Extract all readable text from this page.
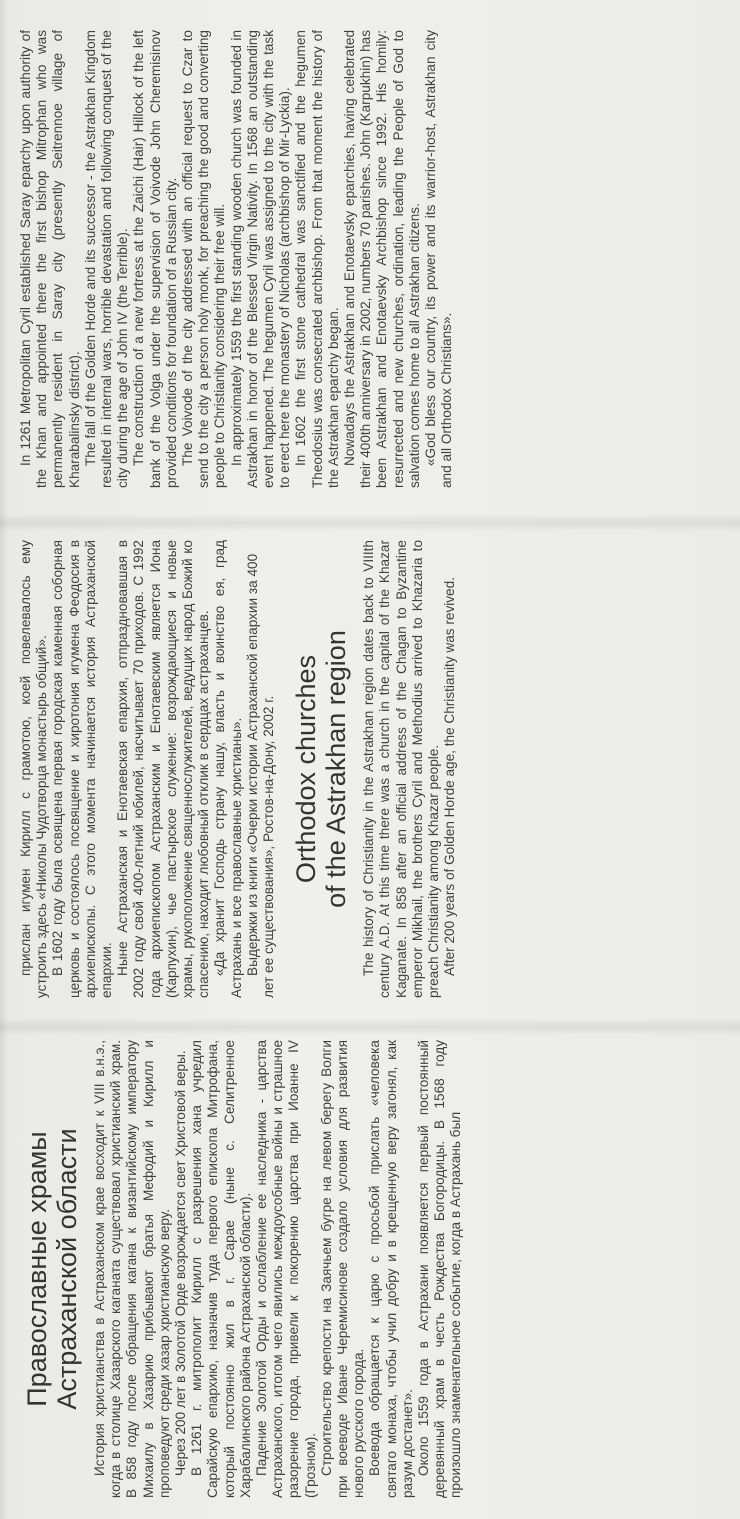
Православные храмы Астраханской области История христианства в Астраханском крае восходит к VIII в.н.э., когда в столице Хазарского каганата существовал христианский храм. В 858 году после обращения кагана к византийскому императору Михаилу в Хазарию прибывают братья Мефодий и Кирилл и проповедуют среди хазар христианскую веру. Через 200 лет в Золотой Орде возрождается свет Христовой веры. В 1261 г. митрополит Кирилл с разрешения хана учредил Сарайскую епархию, назначив туда первого епископа Митрофана, который постоянно жил в г. Сарае (ныне с. Селитренное Харабалинского района Астраханской области). Падение Золотой Орды и ослабление ее наследника - царства Астраханского, итогом чего явились междоусобные войны и страшное разорение города, привели к покорению царства при Иоанне IV (Грозном). Строительство крепости на Заячьем бугре на левом берегу Волги при воеводе Иване Черемисинове создало условия для развития нового русского города. Воевода обращается к царю с просьбой прислать «человека святаго монаха, чтобы учил добру и в крещенную веру загонял, как разум достанет». Около 1559 года в Астрахани появляется первый постоянный деревянный храм в честь Рождества Богородицы. В 1568 году произошло знаменательное событие, когда в Астрахань был

прислан игумен Кирилл с грамотою, коей повелевалось ему устроить здесь «Николы Чудотворца монастырь общий». В 1602 году была освящена первая городская каменная соборная церковь и состоялось посвящение и хиротония игумена Феодосия в архиепископы. С этого момента начинается история Астраханской епархии. Ныне Астраханская и Енотаевская епархия, отпраздновавшая в 2002 году свой 400-летний юбилей, насчитывает 70 приходов. С 1992 года архиепископом Астраханским и Енотаевским является Иона (Карпухин), чье пастырское служение: возрождающиеся и новые храмы, рукоположение священнослужителей, ведущих народ Божий ко спасению, находит любовный отклик в сердцах астраханцев. «Да хранит Господь страну нашу, власть и воинство ея, град Астрахань и все православные христианы». Выдержки из книги «Очерки истории Астраханской епархии за 400 лет ее существования», Ростов-на-Дону, 2002 г. Orthodox churches of the Astrakhan region The history of Christianity in the Astrakhan region dates back to VIIIth century A.D. At this time there was a church in the capital of the Khazar Kaganate. In 858 after an official address of the Chagan to Byzantine emperor Mikhail, the brothers Cyril and Methodius arrived to Khazaria to preach Christianity among Khazar people. After 200 years of Golden Horde age, the Christianity was revived.

In 1261 Metropolitan Cyril established Saray eparchy upon authority of the Khan and appointed there the first bishop Mitrophan who was permanently resident in Saray city (presently Seitrennoe village of Kharabalinsky district). The fall of the Golden Horde and its successor - the Astrakhan Kingdom resulted in internal wars, horrible devastation and following conquest of the city during the age of John IV (the Terrible). The construction of a new fortress at the Zaichi (Hair) Hillock of the left bank of the Volga under the supervision of Voivode John Cheremisinov provided conditions for foundation of a Russian city. The Voivode of the city addressed with an official request to Czar to send to the city a person holy monk, for preaching the good and converting people to Christianity considering their free will. In approximately 1559 the first standing wooden church was founded in Astrakhan in honor of the Blessed Virgin Nativity. In 1568 an outstanding event happened. The hegumen Cyril was assigned to the city with the task to erect here the monastery of Nicholas (archbishop of Mir-Lyckia). In 1602 the first stone cathedral was sanctified and the hegumen Theodosius was consecrated archbishop. From that moment the history of the Astrakhan eparchy began. Nowadays the Astrakhan and Enotaevsky eparchies, having celebrated their 400th anniversary in 2002, numbers 70 parishes. John (Karpukhin) has been Astrakhan and Enotaevsky Archbishop since 1992. His homily: resurrected and new churches, ordination, leading the People of God to salvation comes home to all Astrakhan citizens. «God bless our country, its power and its warrior-host, Astrakhan city and all Orthodox Christians».
